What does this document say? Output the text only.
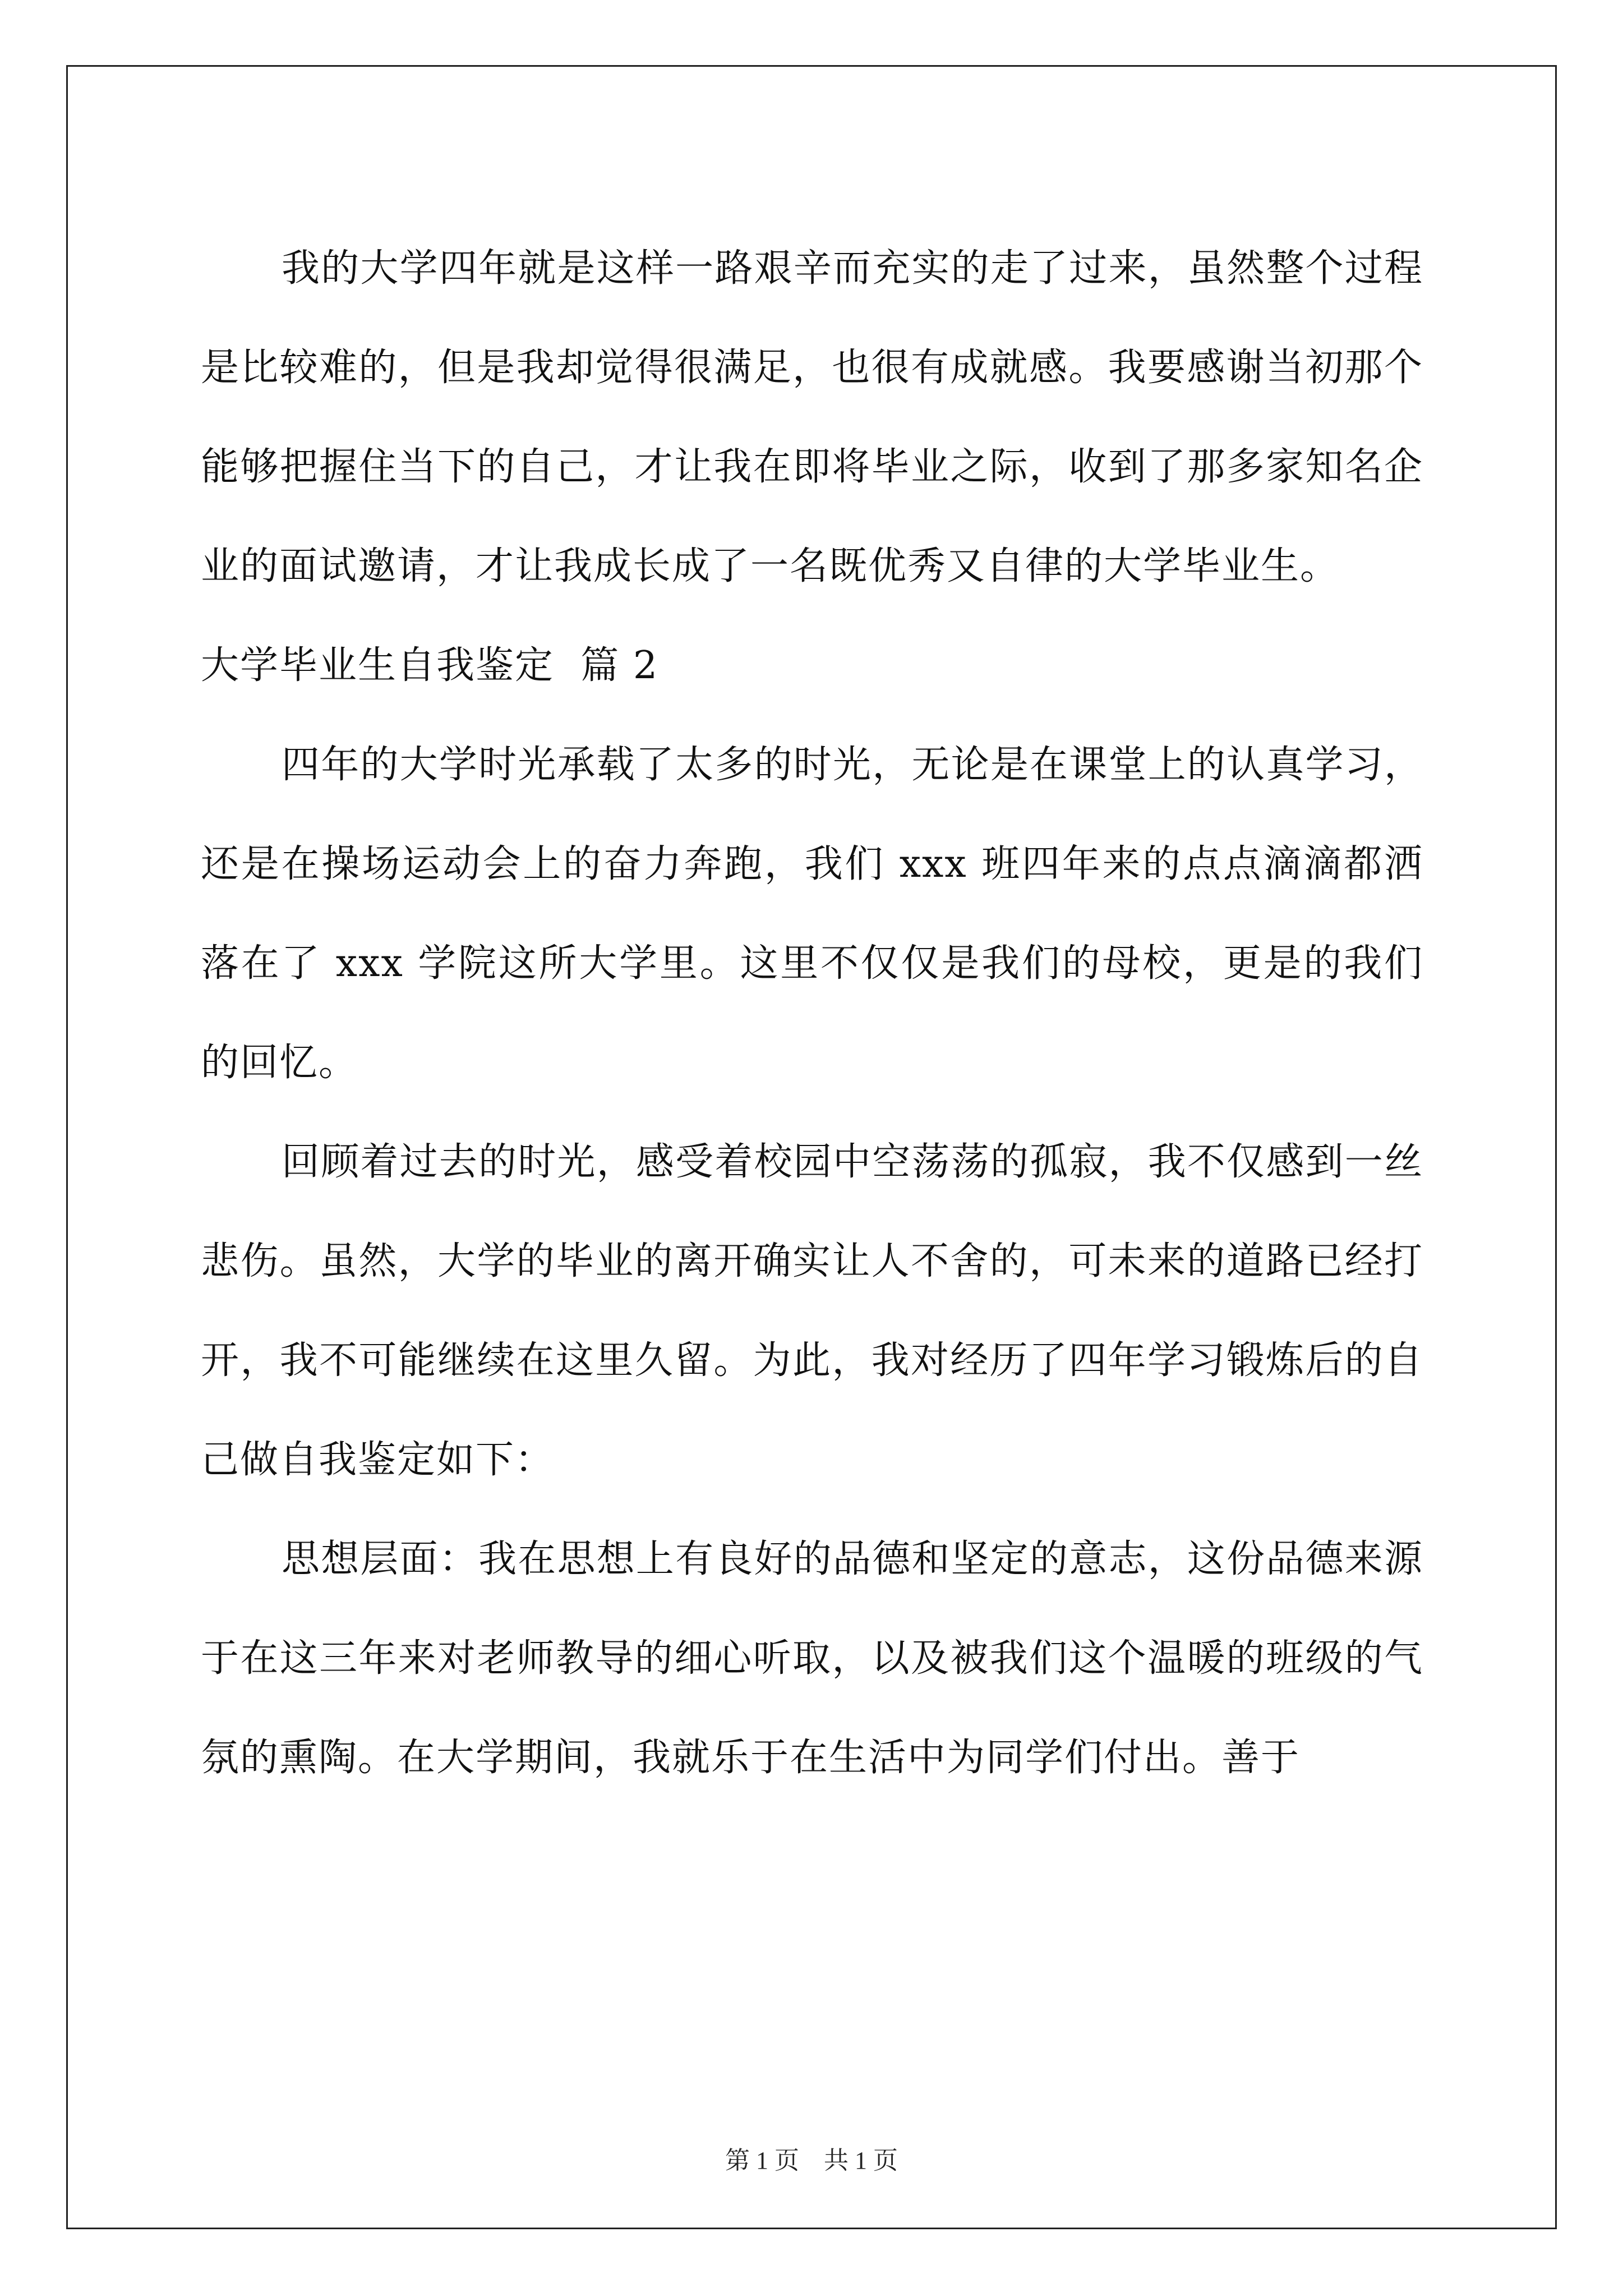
我的大学四年就是这样一路艰辛而充实的走了过来，虽然整个过程是比较难的，但是我却觉得很满足，也很有成就感。我要感谢当初那个能够把握住当下的自己，才让我在即将毕业之际，收到了那多家知名企业的面试邀请，才让我成长成了一名既优秀又自律的大学毕业生。

大学毕业生自我鉴定  篇 2

四年的大学时光承载了太多的时光，无论是在课堂上的认真学习，还是在操场运动会上的奋力奔跑，我们 xxx 班四年来的点点滴滴都洒落在了 xxx 学院这所大学里。这里不仅仅是我们的母校，更是的我们的回忆。

回顾着过去的时光，感受着校园中空荡荡的孤寂，我不仅感到一丝悲伤。虽然，大学的毕业的离开确实让人不舍的，可未来的道路已经打开，我不可能继续在这里久留。为此，我对经历了四年学习锻炼后的自己做自我鉴定如下：

思想层面：我在思想上有良好的品德和坚定的意志，这份品德来源于在这三年来对老师教导的细心听取，以及被我们这个温暖的班级的气氛的熏陶。在大学期间，我就乐于在生活中为同学们付出。善于

第 1 页    共 1 页
